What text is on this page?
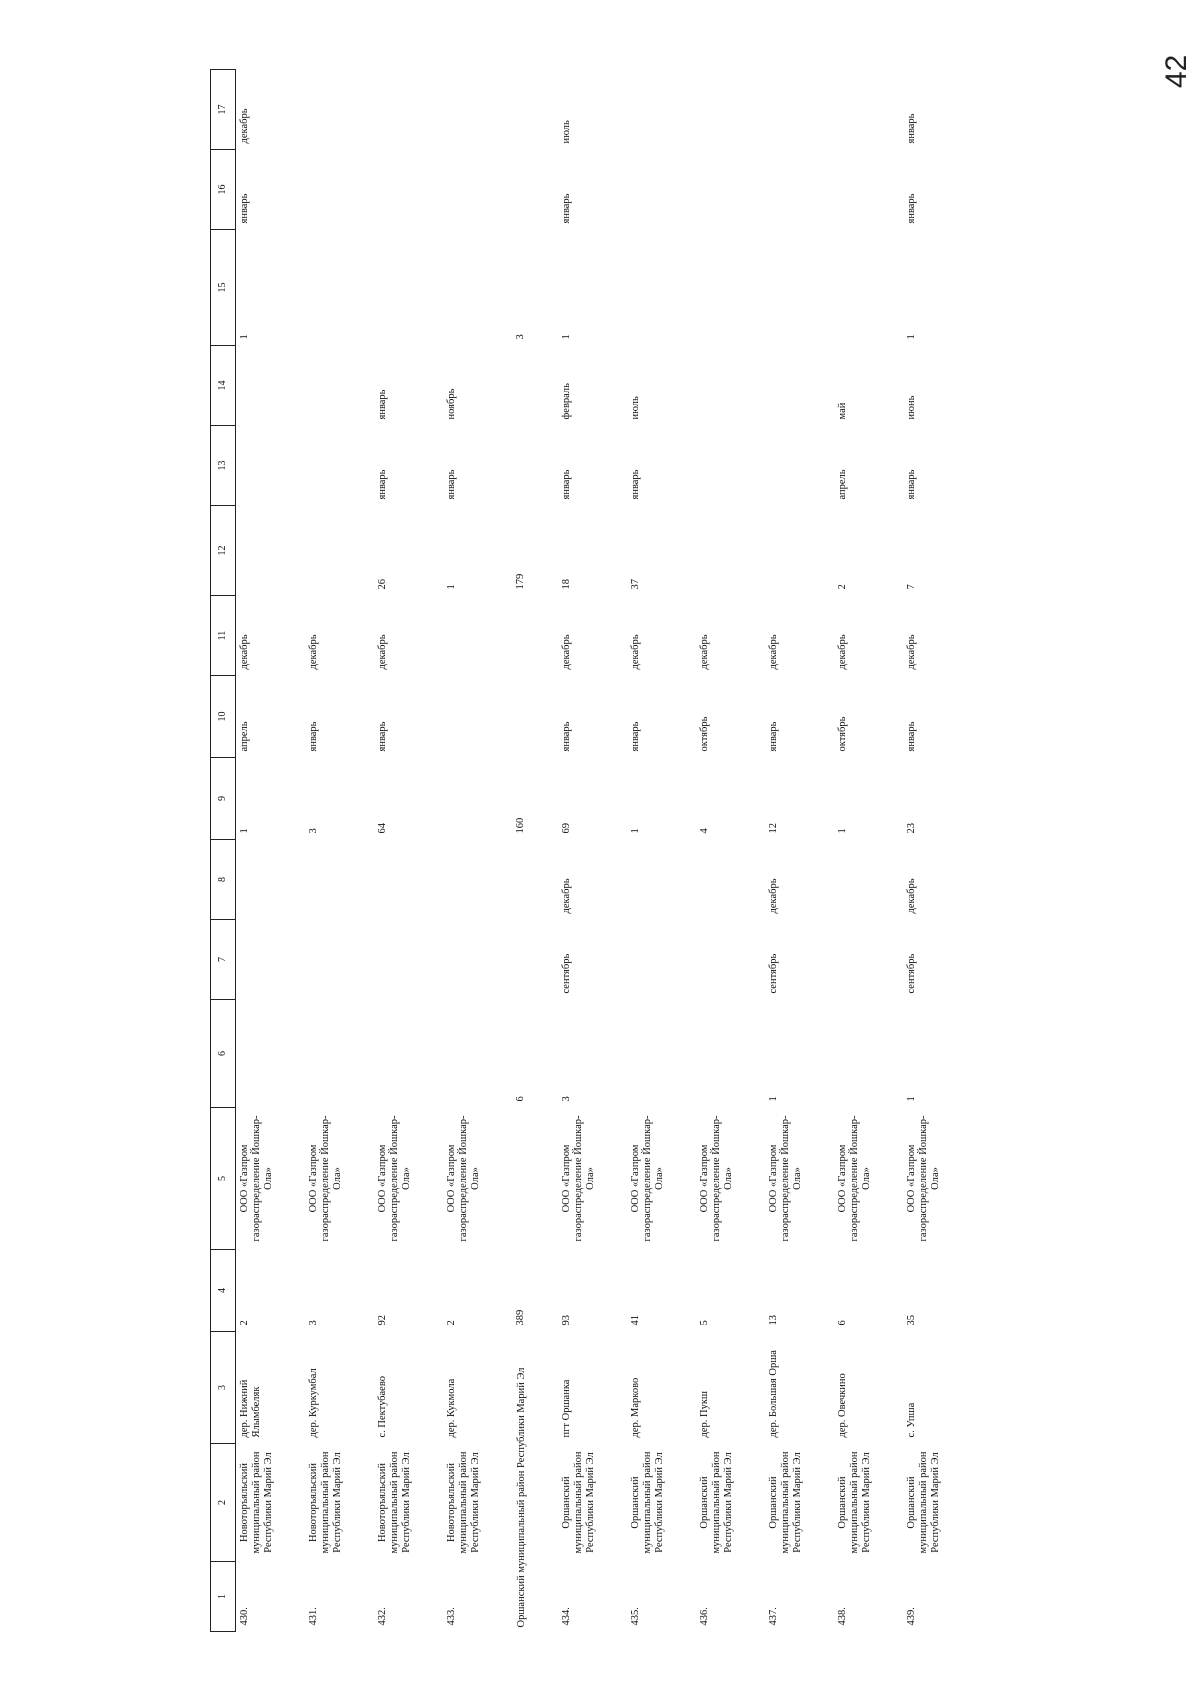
42
1	2	3	4	5	6	7	8	9	10	11	12	13	14	15	16	17
430.	Новоторъяльский муниципальный район Республики Марий Эл	дер. Нижний Ялымбеляк	2	ООО «Газпром газораспределение Йошкар-Ола»				1	апрель	декабрь				1	январь	декабрь
431.	Новоторъяльский муниципальный район Республики Марий Эл	дер. Куркумбал	3	ООО «Газпром газораспределение Йошкар-Ола»				3	январь	декабрь						
432.	Новоторъяльский муниципальный район Республики Марий Эл	с. Пектубаево	92	ООО «Газпром газораспределение Йошкар-Ола»				64	январь	декабрь	26	январь	январь			
433.	Новоторъяльский муниципальный район Республики Марий Эл	дер. Кукмола	2	ООО «Газпром газораспределение Йошкар-Ола»							1	январь	ноябрь			
Оршанский муниципальный район Республики Марий Эл			389		6			160			179			3		
434.	Оршанский муниципальный район Республики Марий Эл	пгт Оршанка	93	ООО «Газпром газораспределение Йошкар-Ола»	3	сентябрь	декабрь	69	январь	декабрь	18	январь	февраль	1	январь	июль
435.	Оршанский муниципальный район Республики Марий Эл	дер. Марково	41	ООО «Газпром газораспределение Йошкар-Ола»				1	январь	декабрь	37	январь	июль			
436.	Оршанский муниципальный район Республики Марий Эл	дер. Пукш	5	ООО «Газпром газораспределение Йошкар-Ола»				4	октябрь	декабрь						
437.	Оршанский муниципальный район Республики Марий Эл	дер. Большая Орша	13	ООО «Газпром газораспределение Йошкар-Ола»	1	сентябрь	декабрь	12	январь	декабрь						
438.	Оршанский муниципальный район Республики Марий Эл	дер. Овечкино	6	ООО «Газпром газораспределение Йошкар-Ола»				1	октябрь	декабрь	2	апрель	май			
439.	Оршанский муниципальный район Республики Марий Эл	с. Упша	35	ООО «Газпром газораспределение Йошкар-Ола»	1	сентябрь	декабрь	23	январь	декабрь	7	январь	июнь	1	январь	январь
